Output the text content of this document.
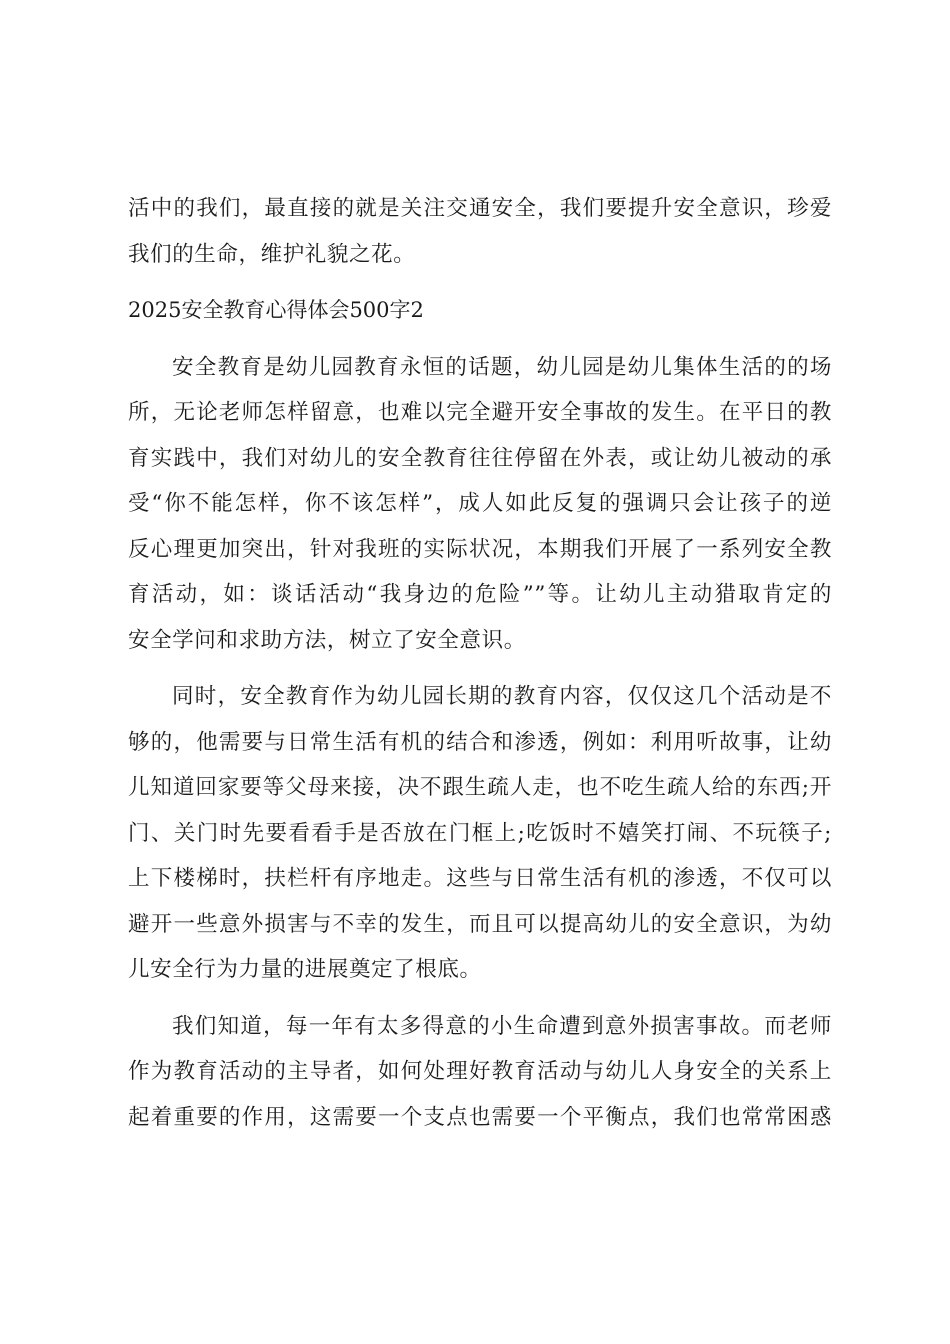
活中的我们，最直接的就是关注交通安全，我们要提升安全意识，珍爱
我们的生命，维护礼貌之花。
2025安全教育心得体会500字2
安全教育是幼儿园教育永恒的话题，幼儿园是幼儿集体生活的的场
所，无论老师怎样留意，也难以完全避开安全事故的发生。在平日的教
育实践中，我们对幼儿的安全教育往往停留在外表，或让幼儿被动的承
受“你不能怎样，你不该怎样”，成人如此反复的强调只会让孩子的逆
反心理更加突出，针对我班的实际状况，本期我们开展了一系列安全教
育活动，如：谈话活动“我身边的危险””等。让幼儿主动猎取肯定的
安全学问和求助方法，树立了安全意识。
同时，安全教育作为幼儿园长期的教育内容，仅仅这几个活动是不
够的，他需要与日常生活有机的结合和渗透，例如：利用听故事，让幼
儿知道回家要等父母来接，决不跟生疏人走，也不吃生疏人给的东西;开
门、关门时先要看看手是否放在门框上;吃饭时不嬉笑打闹、不玩筷子;
上下楼梯时，扶栏杆有序地走。这些与日常生活有机的渗透，不仅可以
避开一些意外损害与不幸的发生，而且可以提高幼儿的安全意识，为幼
儿安全行为力量的进展奠定了根底。
我们知道，每一年有太多得意的小生命遭到意外损害事故。而老师
作为教育活动的主导者，如何处理好教育活动与幼儿人身安全的关系上
起着重要的作用，这需要一个支点也需要一个平衡点，我们也常常困惑
